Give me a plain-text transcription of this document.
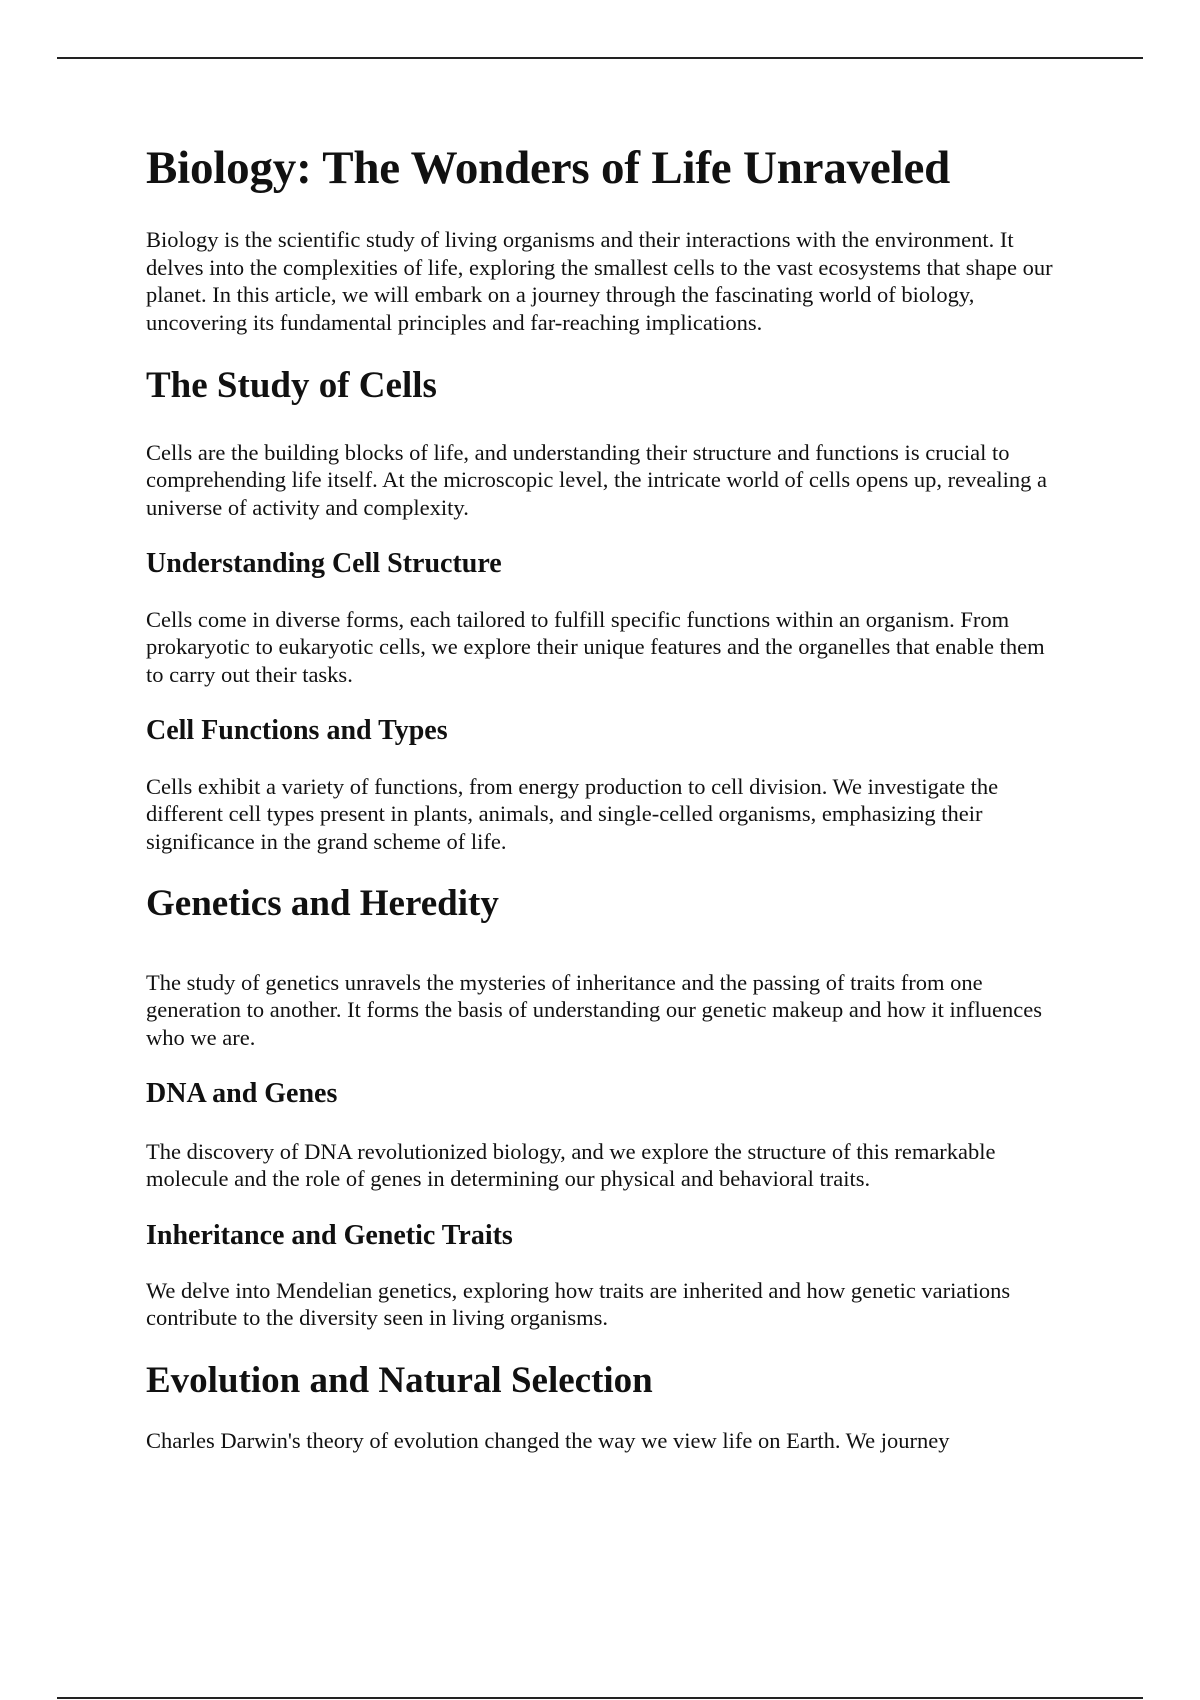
Biology: The Wonders of Life Unraveled

Biology is the scientific study of living organisms and their interactions with the environment. It delves into the complexities of life, exploring the smallest cells to the vast ecosystems that shape our planet. In this article, we will embark on a journey through the fascinating world of biology, uncovering its fundamental principles and far-reaching implications.

The Study of Cells

Cells are the building blocks of life, and understanding their structure and functions is crucial to comprehending life itself. At the microscopic level, the intricate world of cells opens up, revealing a universe of activity and complexity.

Understanding Cell Structure

Cells come in diverse forms, each tailored to fulfill specific functions within an organism. From prokaryotic to eukaryotic cells, we explore their unique features and the organelles that enable them to carry out their tasks.

Cell Functions and Types

Cells exhibit a variety of functions, from energy production to cell division. We investigate the different cell types present in plants, animals, and single-celled organisms, emphasizing their significance in the grand scheme of life.

Genetics and Heredity

The study of genetics unravels the mysteries of inheritance and the passing of traits from one generation to another. It forms the basis of understanding our genetic makeup and how it influences who we are.

DNA and Genes

The discovery of DNA revolutionized biology, and we explore the structure of this remarkable molecule and the role of genes in determining our physical and behavioral traits.

Inheritance and Genetic Traits

We delve into Mendelian genetics, exploring how traits are inherited and how genetic variations contribute to the diversity seen in living organisms.

Evolution and Natural Selection

Charles Darwin's theory of evolution changed the way we view life on Earth. We journey
